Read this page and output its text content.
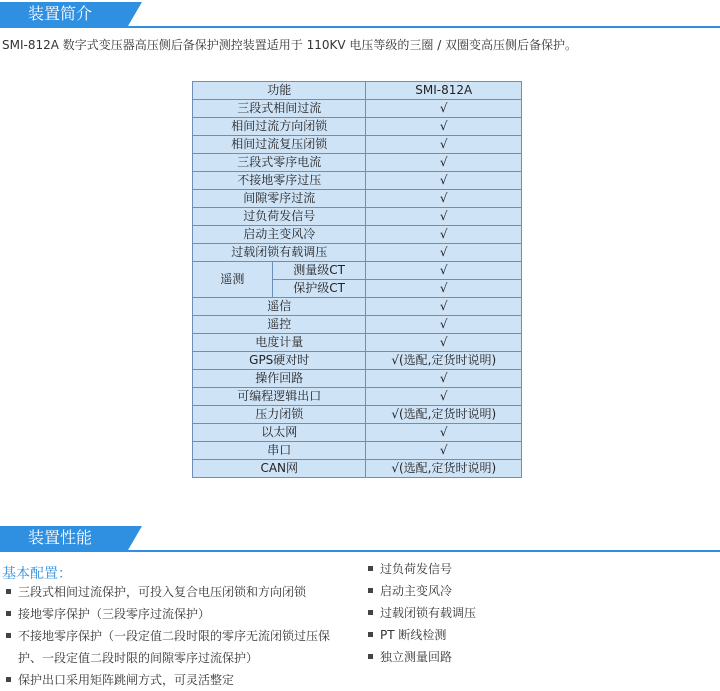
装置简介
SMI-812A 数字式变压器高压侧后备保护测控装置适用于 110KV 电压等级的三圈 / 双圈变高压侧后备保护。
功能		SMI-812A
三段式相间过流		√
相间过流方向闭锁		√
相间过流复压闭锁		√
三段式零序电流		√
不接地零序过压		√
间隙零序过流		√
过负荷发信号		√
启动主变风冷		√
过载闭锁有载调压		√
遥测	测量级CT	√
	保护级CT	√
遥信		√
遥控		√
电度计量		√
GPS硬对时		√(选配,定货时说明)
操作回路		√
可编程逻辑出口		√
压力闭锁		√(选配,定货时说明)
以太网		√
串口		√
CAN网		√(选配,定货时说明)
装置性能
基本配置：
三段式相间过流保护，可投入复合电压闭锁和方向闭锁
接地零序保护（三段零序过流保护）
不接地零序保护（一段定值二段时限的零序无流闭锁过压保
护、一段定值二段时限的间隙零序过流保护）
保护出口采用矩阵跳闸方式，可灵活整定
过负荷发信号
启动主变风冷
过载闭锁有载调压
PT 断线检测
独立测量回路
